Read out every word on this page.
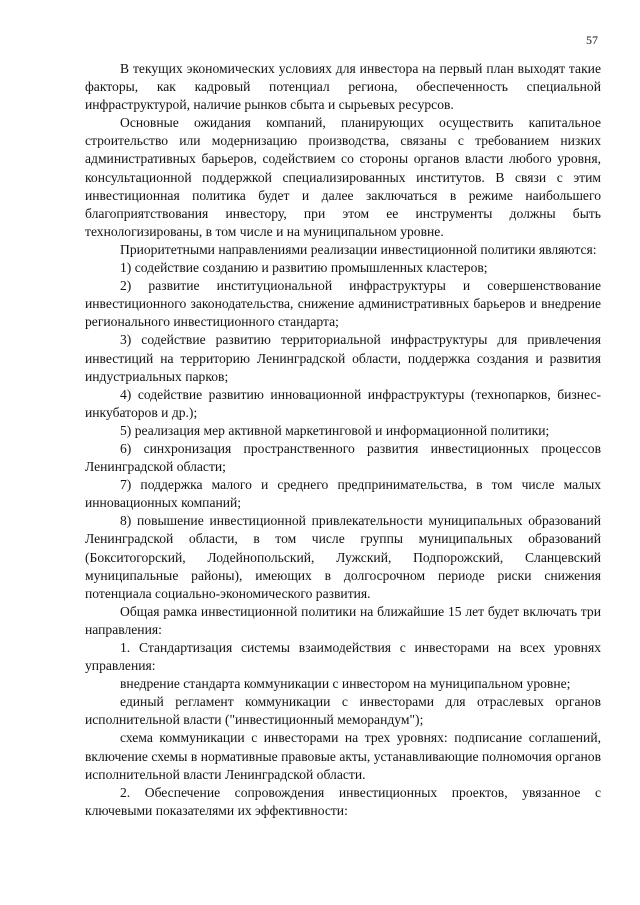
57

В текущих экономических условиях для инвестора на первый план выходят такие факторы, как кадровый потенциал региона, обеспеченность специальной инфраструктурой, наличие рынков сбыта и сырьевых ресурсов.

Основные ожидания компаний, планирующих осуществить капитальное строительство или модернизацию производства, связаны с требованием низких административных барьеров, содействием со стороны органов власти любого уровня, консультационной поддержкой специализированных институтов. В связи с этим инвестиционная политика будет и далее заключаться в режиме наибольшего благоприятствования инвестору, при этом ее инструменты должны быть технологизированы, в том числе и на муниципальном уровне.

Приоритетными направлениями реализации инвестиционной политики являются:

1) содействие созданию и развитию промышленных кластеров;

2) развитие институциональной инфраструктуры и совершенствование инвестиционного законодательства, снижение административных барьеров и внедрение регионального инвестиционного стандарта;

3) содействие развитию территориальной инфраструктуры для привлечения инвестиций на территорию Ленинградской области, поддержка создания и развития индустриальных парков;

4) содействие развитию инновационной инфраструктуры (технопарков, бизнес-инкубаторов и др.);

5) реализация мер активной маркетинговой и информационной политики;

6) синхронизация пространственного развития инвестиционных процессов Ленинградской области;

7) поддержка малого и среднего предпринимательства, в том числе малых инновационных компаний;

8) повышение инвестиционной привлекательности муниципальных образований Ленинградской области, в том числе группы муниципальных образований (Бокситогорский, Лодейнопольский, Лужский, Подпорожский, Сланцевский муниципальные районы), имеющих в долгосрочном периоде риски снижения потенциала социально-экономического развития.

Общая рамка инвестиционной политики на ближайшие 15 лет будет включать три направления:

1. Стандартизация системы взаимодействия с инвесторами на всех уровнях управления:

внедрение стандарта коммуникации с инвестором на муниципальном уровне;

единый регламент коммуникации с инвесторами для отраслевых органов исполнительной власти ("инвестиционный меморандум");

схема коммуникации с инвесторами на трех уровнях: подписание соглашений, включение схемы в нормативные правовые акты, устанавливающие полномочия органов исполнительной власти Ленинградской области.

2. Обеспечение сопровождения инвестиционных проектов, увязанное с ключевыми показателями их эффективности:
